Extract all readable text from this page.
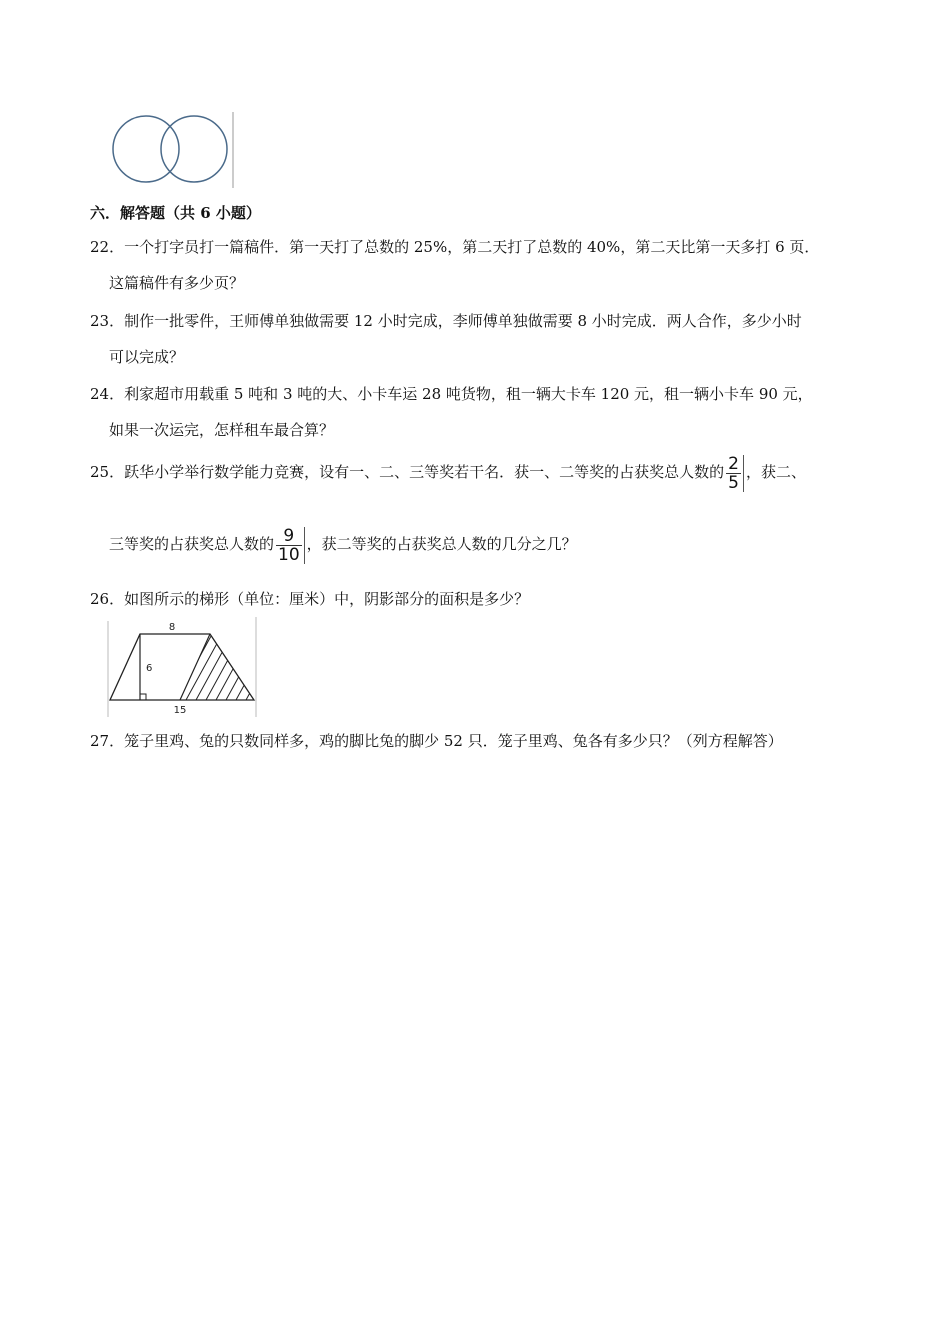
六．解答题（共 6 小题）
22．一个打字员打一篇稿件．第一天打了总数的 25%，第二天打了总数的 40%，第二天比第一天多打 6 页．
这篇稿件有多少页？
23．制作一批零件，王师傅单独做需要 12 小时完成，李师傅单独做需要 8 小时完成．两人合作，多少小时
可以完成？
24．利家超市用载重 5 吨和 3 吨的大、小卡车运 28 吨货物，租一辆大卡车 120 元，租一辆小卡车 90 元，
如果一次运完，怎样租车最合算？
25．跃华小学举行数学能力竞赛，设有一、二、三等奖若干名．获一、二等奖的占获奖总人数的 $\frac{2}{5}$ ，获二、
三等奖的占获奖总人数的 $\frac{9}{10}$ ，获二等奖的占获奖总人数的几分之几？
26．如图所示的梯形（单位：厘米）中，阴影部分的面积是多少？
8
6
15
27．笼子里鸡、兔的只数同样多，鸡的脚比兔的脚少 52 只．笼子里鸡、兔各有多少只？（列方程解答）
